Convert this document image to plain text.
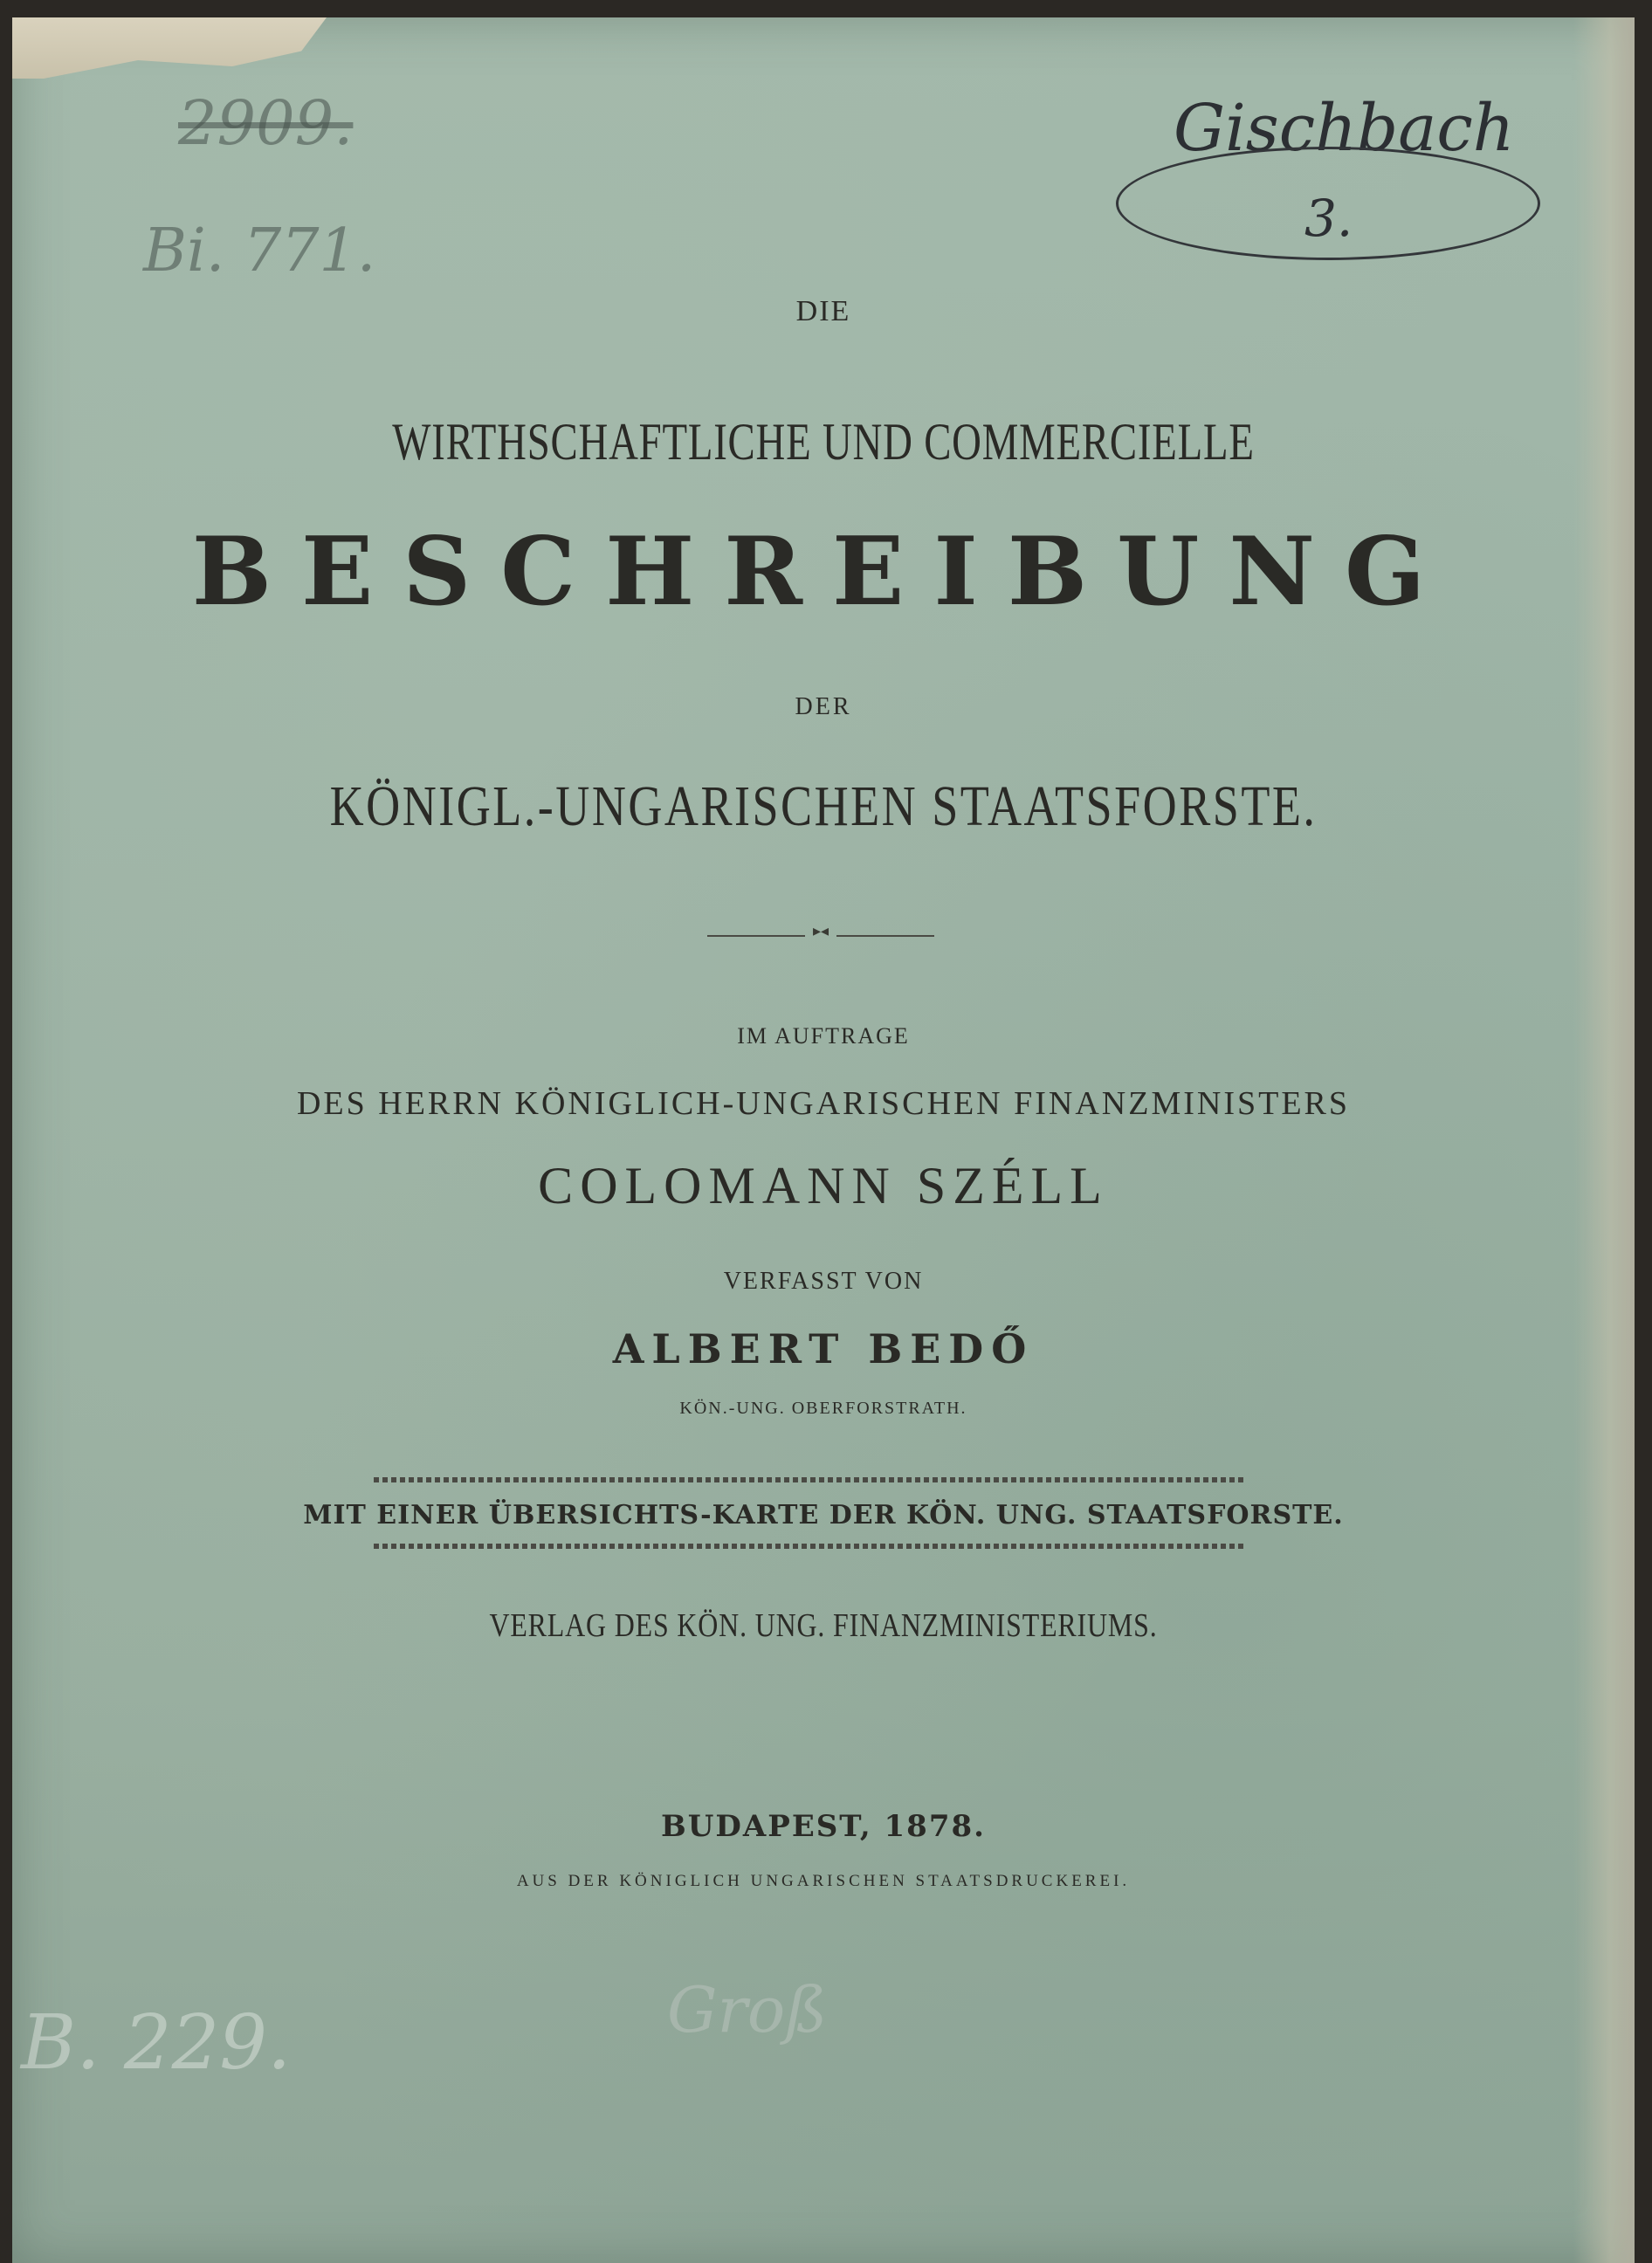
2909.
Bi. 771.
Gischbach
3.
B. 229.	Groß

DIE

WIRTHSCHAFTLICHE UND COMMERCIELLE

BESCHREIBUNG

DER

KÖNIGL.-UNGARISCHEN STAATSFORSTE.

▸◂

IM AUFTRAGE

DES HERRN KÖNIGLICH-UNGARISCHEN FINANZMINISTERS

COLOMANN SZÉLL

VERFASST VON

ALBERT BEDŐ

KÖN.-UNG. OBERFORSTRATH.

MIT EINER ÜBERSICHTS-KARTE DER KÖN. UNG. STAATSFORSTE.

VERLAG DES KÖN. UNG. FINANZMINISTERIUMS.

BUDAPEST, 1878.

AUS DER KÖNIGLICH UNGARISCHEN STAATSDRUCKEREI.
